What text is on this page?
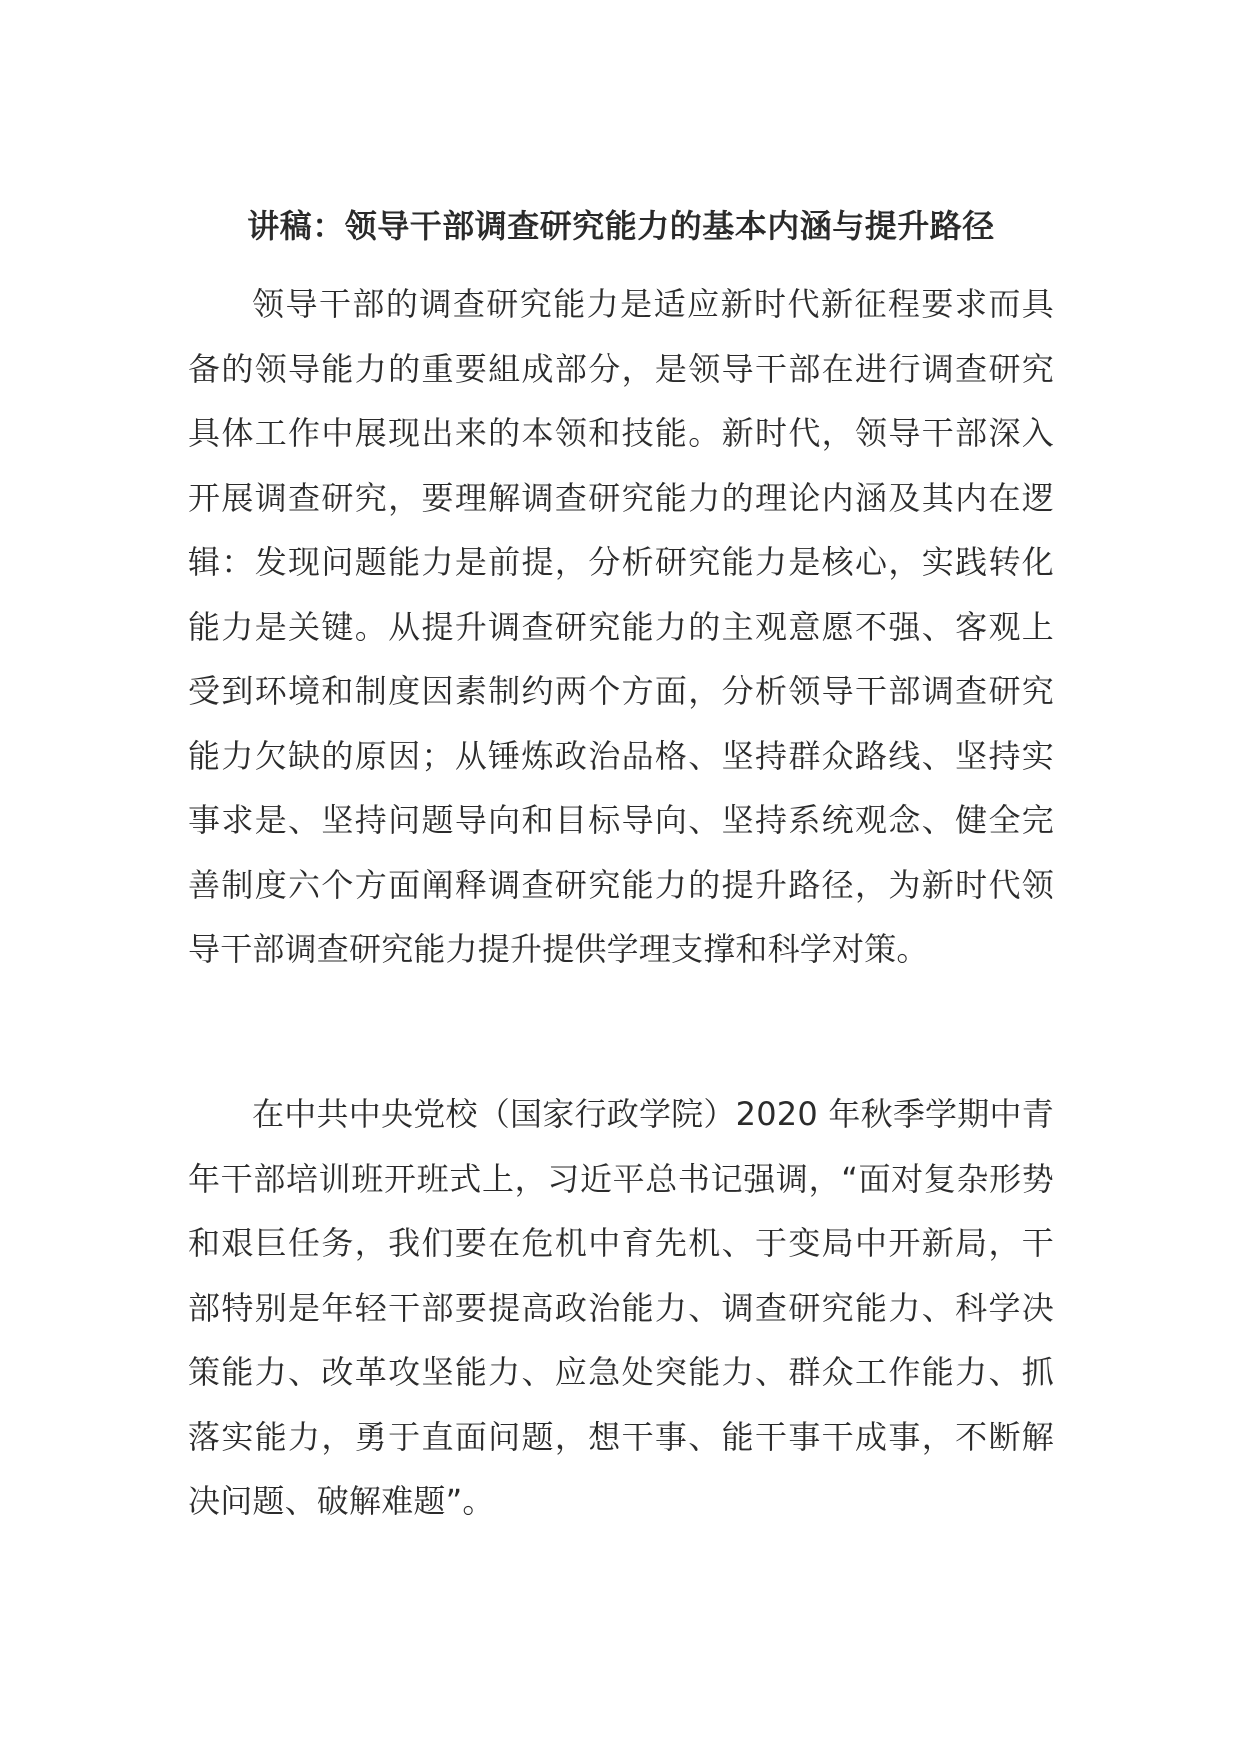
讲稿：领导干部调查研究能力的基本内涵与提升路径

领导干部的调查研究能力是适应新时代新征程要求而具备的领导能力的重要組成部分，是领导干部在进行调查研究具体工作中展现出来的本领和技能。新时代，领导干部深入开展调查研究，要理解调查研究能力的理论内涵及其内在逻辑：发现问题能力是前提，分析研究能力是核心，实践转化能力是关键。从提升调查研究能力的主观意愿不强、客观上受到环境和制度因素制约两个方面，分析领导干部调查研究能力欠缺的原因；从锤炼政治品格、坚持群众路线、坚持实事求是、坚持问题导向和目标导向、坚持系统观念、健全完善制度六个方面阐释调查研究能力的提升路径，为新时代领导干部调查研究能力提升提供学理支撑和科学对策。

在中共中央党校（国家行政学院）2020 年秋季学期中青年干部培训班开班式上，习近平总书记强调，“面对复杂形势和艰巨任务，我们要在危机中育先机、于变局中开新局，干部特别是年轻干部要提高政治能力、调查研究能力、科学决策能力、改革攻坚能力、应急处突能力、群众工作能力、抓落实能力，勇于直面问题，想干事、能干事干成事，不断解决问题、破解难题”。
